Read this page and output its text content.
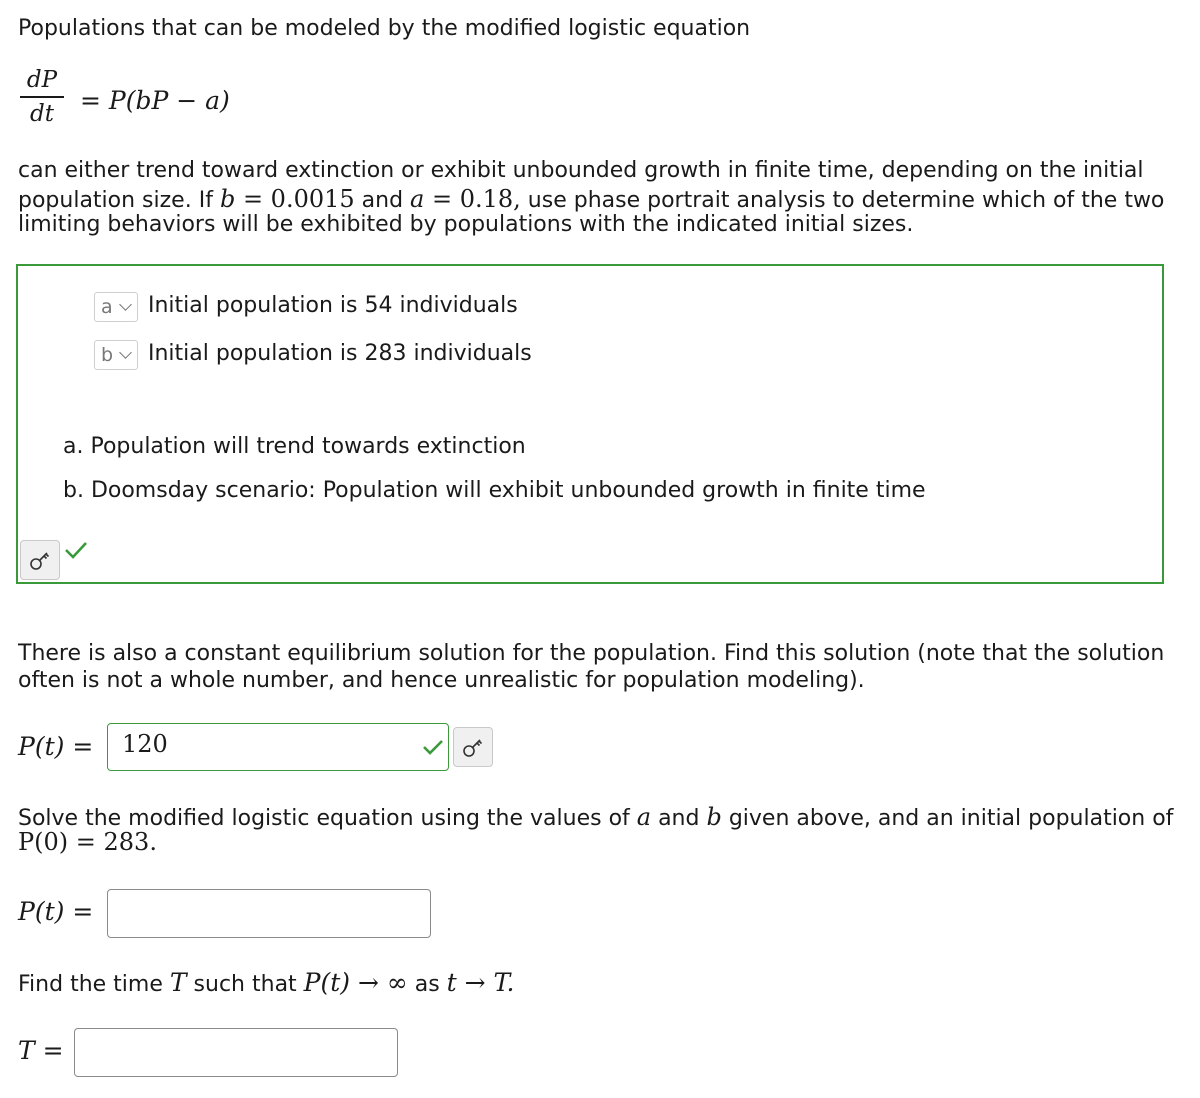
Populations that can be modeled by the modified logistic equation
dP
dt	= P(bP − a)
can either trend toward extinction or exhibit unbounded growth in finite time, depending on the initial
population size. If b = 0.0015 and a = 0.18, use phase portrait analysis to determine which of the two
limiting behaviors will be exhibited by populations with the indicated initial sizes.
a Initial population is 54 individuals
b Initial population is 283 individuals
a. Population will trend towards extinction
b. Doomsday scenario: Population will exhibit unbounded growth in finite time
There is also a constant equilibrium solution for the population. Find this solution (note that the solution
often is not a whole number, and hence unrealistic for population modeling).
P(t) = 120
Solve the modified logistic equation using the values of a and b given above, and an initial population of
P(0) = 283.
P(t) =
Find the time T such that P(t) → ∞ as t → T.
T =
